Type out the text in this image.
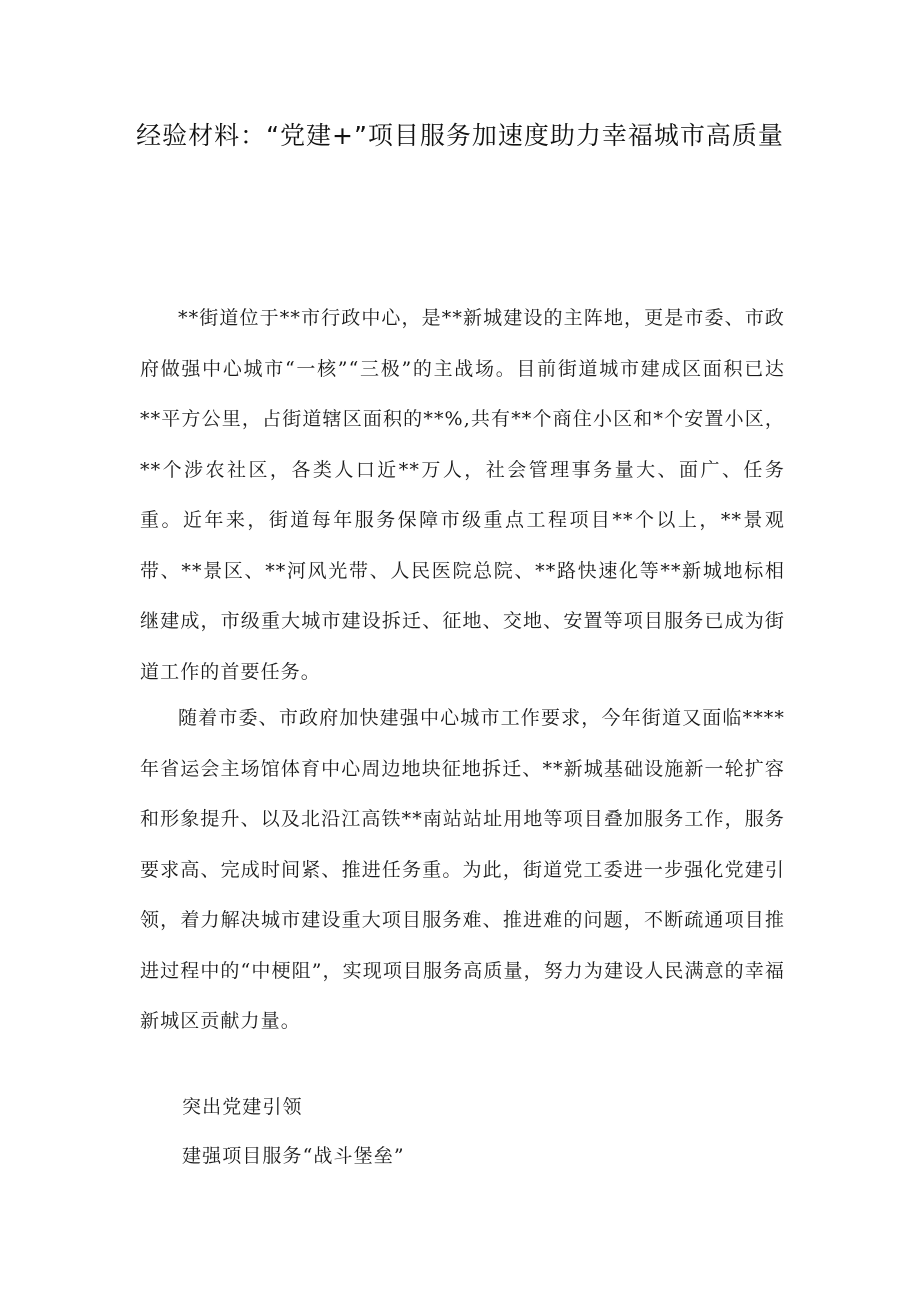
经验材料：“党建+”项目服务加速度助力幸福城市高质量

**街道位于**市行政中心，是**新城建设的主阵地，更是市委、市政府做强中心城市“一核”“三极”的主战场。目前街道城市建成区面积已达**平方公里，占街道辖区面积的**%,共有**个商住小区和*个安置小区，**个涉农社区，各类人口近**万人，社会管理事务量大、面广、任务重。近年来，街道每年服务保障市级重点工程项目**个以上，**景观带、**景区、**河风光带、人民医院总院、**路快速化等**新城地标相继建成，市级重大城市建设拆迁、征地、交地、安置等项目服务已成为街道工作的首要任务。

随着市委、市政府加快建强中心城市工作要求，今年街道又面临****年省运会主场馆体育中心周边地块征地拆迁、**新城基础设施新一轮扩容和形象提升、以及北沿江高铁**南站站址用地等项目叠加服务工作，服务要求高、完成时间紧、推进任务重。为此，街道党工委进一步强化党建引领，着力解决城市建设重大项目服务难、推进难的问题，不断疏通项目推进过程中的“中梗阻”，实现项目服务高质量，努力为建设人民满意的幸福新城区贡献力量。

突出党建引领
建强项目服务“战斗堡垒”
